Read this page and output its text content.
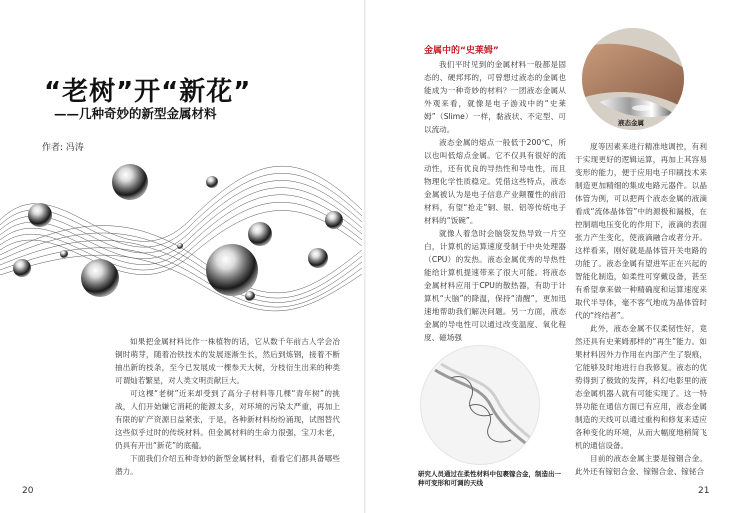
“老树”开“新花”
——几种奇妙的新型金属材料
作者: 冯涛

如果把金属材料比作一株植物的话，它从数千年前古人学会冶铜时萌芽，随着冶铁技术的发展逐渐生长，然后到炼钢，接着不断抽出新的枝条，至今已发展成一棵参天大树，分枝衍生出来的种类可谓灿若繁星，对人类文明贡献巨大。

可这棵“老树”近来却受到了高分子材料等几棵“青年树”的挑战，人们开始嫌它消耗的能源太多，对环境的污染太严重，再加上有限的矿产资源日益紧张，于是，各种新材料纷纷涌现，试图替代这些似乎过时的传统材料。但金属材料的生命力很强，宝刀未老，仍具有开出“新花”的底蕴。

下面我们介绍五种奇妙的新型金属材料，看看它们都具备哪些潜力。

20
金属中的“史莱姆”

我们平时见到的金属材料一般都是固态的、硬邦邦的，可曾想过液态的金属也能成为一种奇妙的材料？一团液态金属从外观来看，就像是电子游戏中的“史莱姆”（Slime）一样，黏液状、不定型、可以流动。

液态金属的熔点一般低于200℃，所以也叫低熔点金属。它不仅具有很好的流动性，还有优良的导热性和导电性，而且物理化学性质稳定。凭借这些特点，液态金属被认为是电子信息产业颠覆性的前沿材料，有望“抢走”铜、银、铝等传统电子材料的“饭碗”。

就像人着急时会脑袋发热导致一片空白，计算机的运算速度受制于中央处理器（CPU）的发热。液态金属优秀的导热性能给计算机提速带来了很大可能。将液态金属材料应用于CPU的散热器，有助于计算机“大脑”的降温，保持“清醒”，更加迅速地帮助我们解决问题。另一方面，液态金属的导电性可以通过改变温度、氧化程度、磁场强

液态金属

度等因素来进行精准地调控，有利于实现更好的逻辑运算，再加上其容易变形的能力，便于应用电子印刷技术来制造更加精细的集成电路元器件。以晶体管为例，可以把两个液态金属的液滴看成“流体晶体管”中的源极和漏极，在控制端电压变化的作用下，液滴的表面张力产生变化，使液滴融合或者分开。这样看来，刚好就是晶体管开关电路的功能了。液态金属有望进军正在兴起的智能化制造，如柔性可穿戴设备，甚至有希望拿来做一种精确度和运算速度来取代半导体，毫不客气地成为晶体管时代的“终结者”。

此外，液态金属不仅柔韧性好，竟然还具有史莱姆那样的“再生”能力。如果材料因外力作用在内部产生了裂痕，它能够及时地进行自我修复。液态的优势得到了极致的发挥，科幻电影里的液态金属机器人就有可能实现了。这一特异功能在通信方面已有应用，液态金属制造的天线可以通过重构和修复来适应各种变化的环境，从而大幅度地稍简飞机的通信设备。

目前的液态金属主要是镓铟合金。此外还有镓铝合金、镓锡合金、镓铋合

研究人员通过在柔性材料中包裹镓合金，制造出一种可变形和可调的天线
21
